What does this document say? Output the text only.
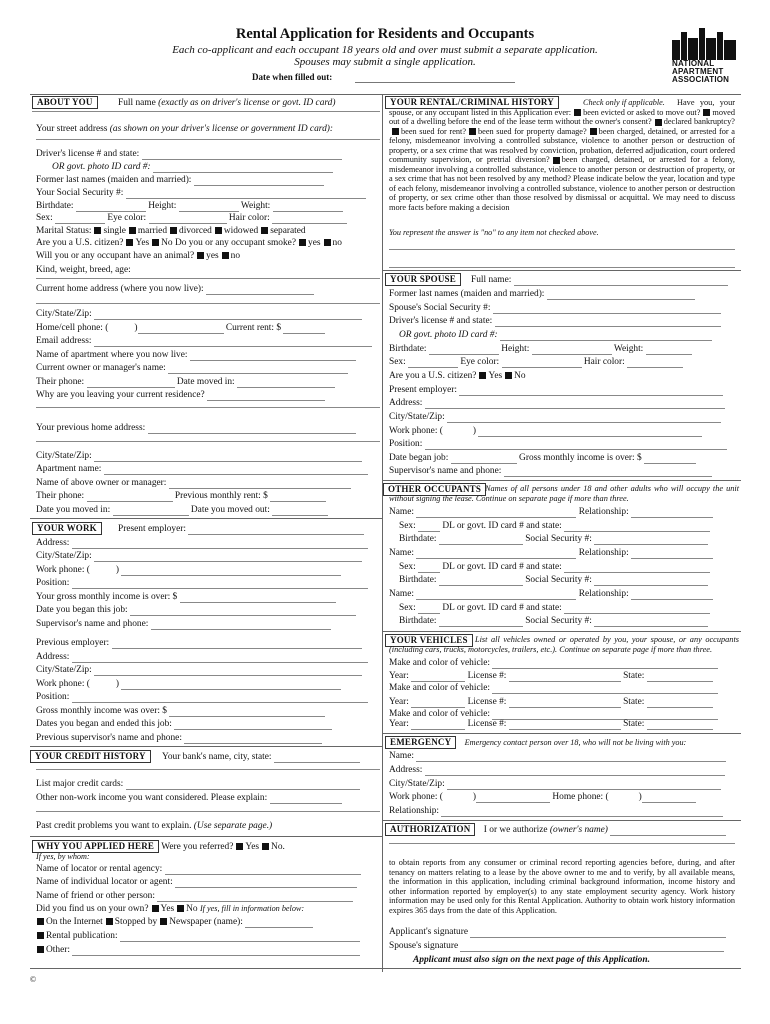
Rental Application for Residents and Occupants
Each co-applicant and each occupant 18 years old and over must submit a separate application.
Spouses may submit a single application.
Date when filled out:
NATIONAL
APARTMENT
ASSOCIATION
ABOUT YOU	Full name (exactly as on driver's license or govt. ID card)
Your street address (as shown on your driver's license or government ID card):
Driver's license # and state:
OR govt. photo ID card #:
Former last names (maiden and married):
Your Social Security #:
Birthdate:	Height:	Weight:
Sex:	Eye color:	Hair color:
Marital Status: single married divorced widowed separated
Are you a U.S. citizen? Yes No Do you or any occupant smoke? yes no
Will you or any occupant have an animal? yes no
Kind, weight, breed, age:
Current home address (where you now live):
City/State/Zip:
Home/cell phone: (	)	Current rent: $
Email address:
Name of apartment where you now live:
Current owner or manager's name:
Their phone:	Date moved in:
Why are you leaving your current residence?
Your previous home address:
City/State/Zip:
Apartment name:
Name of above owner or manager:
Their phone:	Previous monthly rent: $
Date you moved in:	Date you moved out:
YOUR WORK	Present employer:
Address:
City/State/Zip:
Work phone: (	)
Position:
Your gross monthly income is over: $
Date you began this job:
Supervisor's name and phone:
Previous employer:
Address:
City/State/Zip:
Work phone: (	)
Position:
Gross monthly income was over: $
Dates you began and ended this job:
Previous supervisor's name and phone:
YOUR CREDIT HISTORY	Your bank's name, city, state:
List major credit cards:
Other non-work income you want considered. Please explain:
Past credit problems you want to explain. (Use separate page.)
WHY YOU APPLIED HERE Were you referred? Yes No.
If yes, by whom:
Name of locator or rental agency:
Name of individual locator or agent:
Name of friend or other person:
Did you find us on your own? Yes No If yes, fill in information below:
On the Internet Stopped by Newspaper (name):
Rental publication:
Other:
©
YOUR RENTAL/CRIMINAL HISTORY	Check only if applicable.	Have you, your spouse, or any occupant listed in this Application ever: been evicted or asked to move out? moved out of a dwelling before the end of the lease term without the owner's consent? declared bankruptcy?been sued for rent? been sued for property damage? been charged, detained, or arrested for a felony, misdemeanor involving a controlled substance, violence to another person or destruction of property, or a sex crime that was resolved by conviction, probation, deferred adjudication, court ordered community supervision, or pretrial diversion? been charged, detained, or arrested for a felony, misdemeanor involving a controlled substance, violence to another person or destruction of property, or a sex crime that has not been resolved by any method? Please indicate below the year, location and type of each felony, misdemeanor involving a controlled substance, violence to another person or destruction of property, or sex crime other than those resolved by dismissal or acquittal. We may need to discuss more facts before making a decision
You represent the answer is "no" to any item not checked above.
YOUR SPOUSE	Full name:
Former last names (maiden and married):
Spouse's Social Security #:
Driver's license # and state:
OR govt. photo ID card #:
Birthdate:	Height:	Weight:
Sex:	Eye color:	Hair color:
Are you a U.S. citizen? Yes No
Present employer:
Address:
City/State/Zip:
Work phone: (	)
Position:
Date began job:	Gross monthly income is over: $
Supervisor's name and phone:
OTHER OCCUPANTS Names of all persons under 18 and other adults who will occupy the unit without signing the lease. Continue on separate page if more than three.
Name:	Relationship:
Sex:	DL or govt. ID card # and state:
Birthdate:	Social Security #:
Name:	Relationship:
Sex:	DL or govt. ID card # and state:
Birthdate:	Social Security #:
Name:	Relationship:
Sex:	DL or govt. ID card # and state:
Birthdate:	Social Security #:
YOUR VEHICLES List all vehicles owned or operated by you, your spouse, or any occupants (including cars, trucks, motorcycles, trailers, etc.). Continue on separate page if more than three.
Make and color of vehicle:
Year:	License #:	State:
Make and color of vehicle:
Year:	License #:	State:
Make and color of vehicle:
Year:	License #:	State:
EMERGENCY Emergency contact person over 18, who will not be living with you:
Name:
Address:
City/State/Zip:
Work phone: (	)	Home phone: (	)
Relationship:
AUTHORIZATION I or we authorize (owner's name)
to obtain reports from any consumer or criminal record reporting agencies before, during, and after tenancy on matters relating to a lease by the above owner to me and to verify, by all available means, the information in this application, including criminal background information, income history and other information reported by employer(s) to any state employment security agency. Work history information may be used only for this Rental Application. Authority to obtain work history information expires 365 days from the date of this Application.
Applicant's signature
Spouse's signature
Applicant must also sign on the next page of this Application.
